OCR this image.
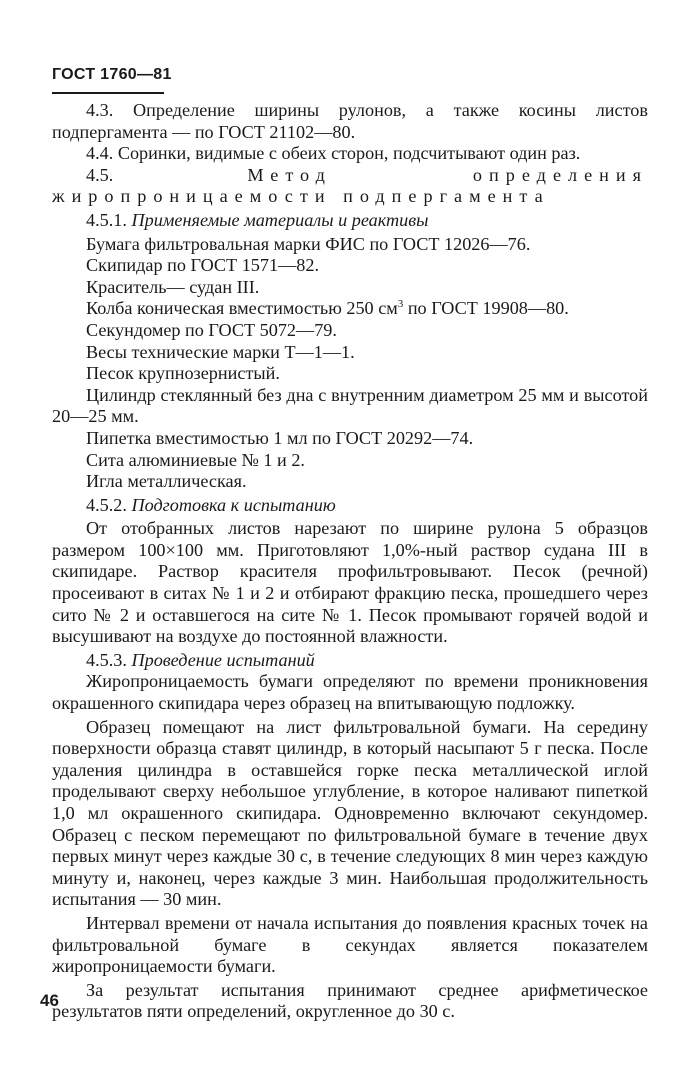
ГОСТ 1760—81

4.3. Определение ширины рулонов, а также косины листов подпергамента — по ГОСТ 21102—80.

4.4. Соринки, видимые с обеих сторон, подсчитывают один раз.

4.5.	Метод определения жиропроницаемости подпергамента

4.5.1. Применяемые материалы и реактивы

Бумага фильтровальная марки ФИС по ГОСТ 12026—76.

Скипидар по ГОСТ 1571—82.

Краситель— судан III.

Колба коническая вместимостью 250 $см^3$ по ГОСТ 19908—80.

Секундомер по ГОСТ 5072—79.

Весы технические марки Т—1—1.

Песок крупнозернистый.

Цилиндр стеклянный без дна с внутренним диаметром 25 мм и высотой 20—25 мм.

Пипетка вместимостью 1 мл по ГОСТ 20292—74.

Сита алюминиевые № 1 и 2.

Игла металлическая.

4.5.2. Подготовка к испытанию

От отобранных листов нарезают по ширине рулона 5 образцов размером 100×100 мм. Приготовляют 1,0%-ный раствор судана III в скипидаре. Раствор красителя профильтровывают. Песок (речной) просеивают в ситах № 1 и 2 и отбирают фракцию песка, прошедшего через сито № 2 и оставшегося на сите № 1. Песок промывают горячей водой и высушивают на воздухе до постоянной влажности.

4.5.3. Проведение испытаний

Жиропроницаемость бумаги определяют по времени проникновения окрашенного скипидара через образец на впитывающую подложку.

Образец помещают на лист фильтровальной бумаги. На середину поверхности образца ставят цилиндр, в который насыпают 5 г песка. После удаления цилиндра в оставшейся горке песка металлической иглой проделывают сверху небольшое углубление, в которое наливают пипеткой 1,0 мл окрашенного скипидара. Одновременно включают секундомер. Образец с песком перемещают по фильтровальной бумаге в течение двух первых минут через каждые 30 с, в течение следующих 8 мин через каждую минуту и, наконец, через каждые 3 мин. Наибольшая продолжительность испытания — 30 мин.

Интервал времени от начала испытания до появления красных точек на фильтровальной бумаге в секундах является показателем жиропроницаемости бумаги.

За результат испытания принимают среднее арифметическое результатов пяти определений, округленное до 30 с.

46
